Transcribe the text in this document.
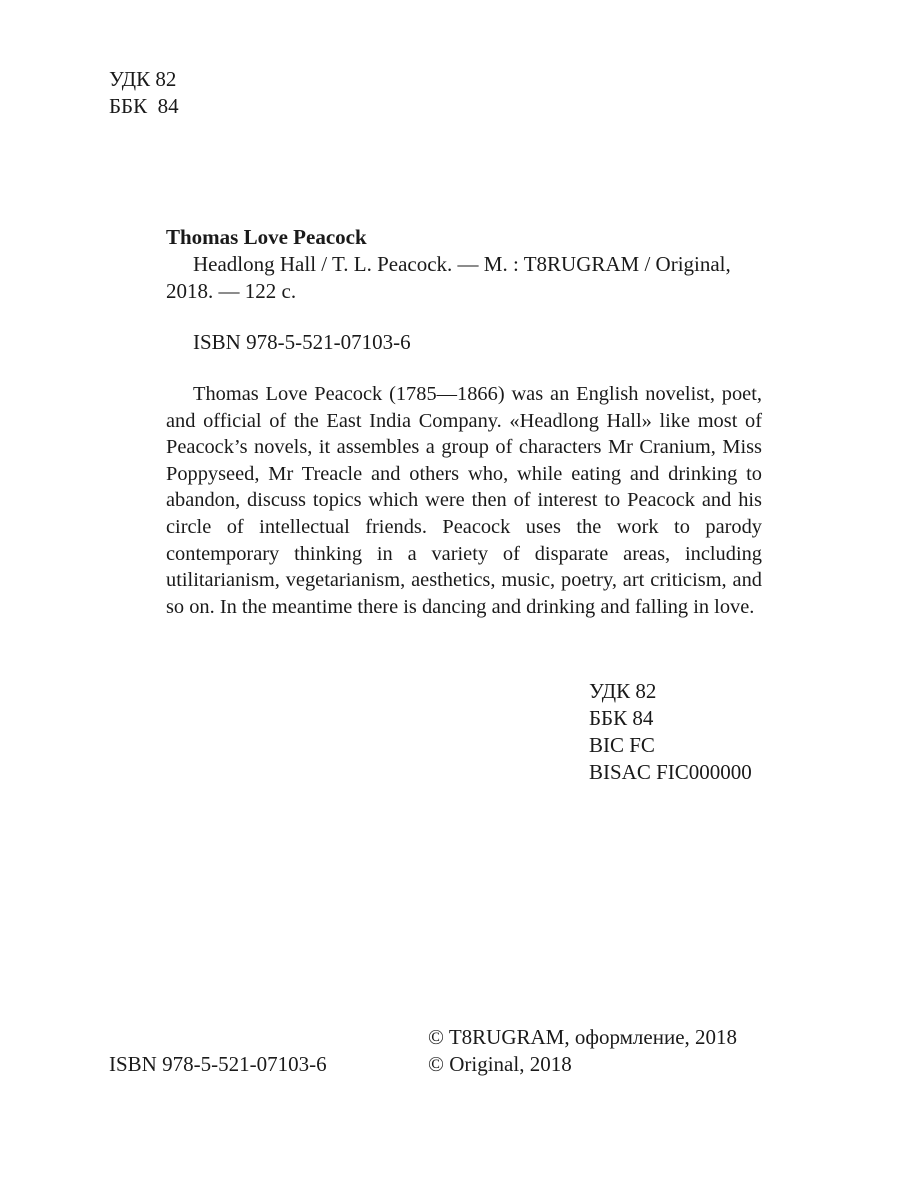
УДК 82
ББК  84
Thomas Love Peacock
Headlong Hall / T. L. Peacock. — M. : T8RUGRAM / Original,
2018. — 122 c.
ISBN 978-5-521-07103-6

Thomas Love Peacock (1785—1866) was an English novelist, poet, and official of the East India Company. «Headlong Hall» like most of Peacock’s novels, it assembles a group of characters Mr Cranium, Miss Poppyseed, Mr Treacle and others who, while eating and drinking to abandon, discuss topics which were then of interest to Peacock and his circle of intellectual friends. Peacock uses the work to parody contemporary thinking in a variety of disparate areas, including utilitarianism, vegetarianism, aesthetics, music, poetry, art criticism, and so on. In the meantime there is dancing and drinking and falling in love.

УДК 82
ББК 84
BIC FC
BISAC FIC000000
ISBN 978-5-521-07103-6
© T8RUGRAM, оформление, 2018
© Original, 2018
